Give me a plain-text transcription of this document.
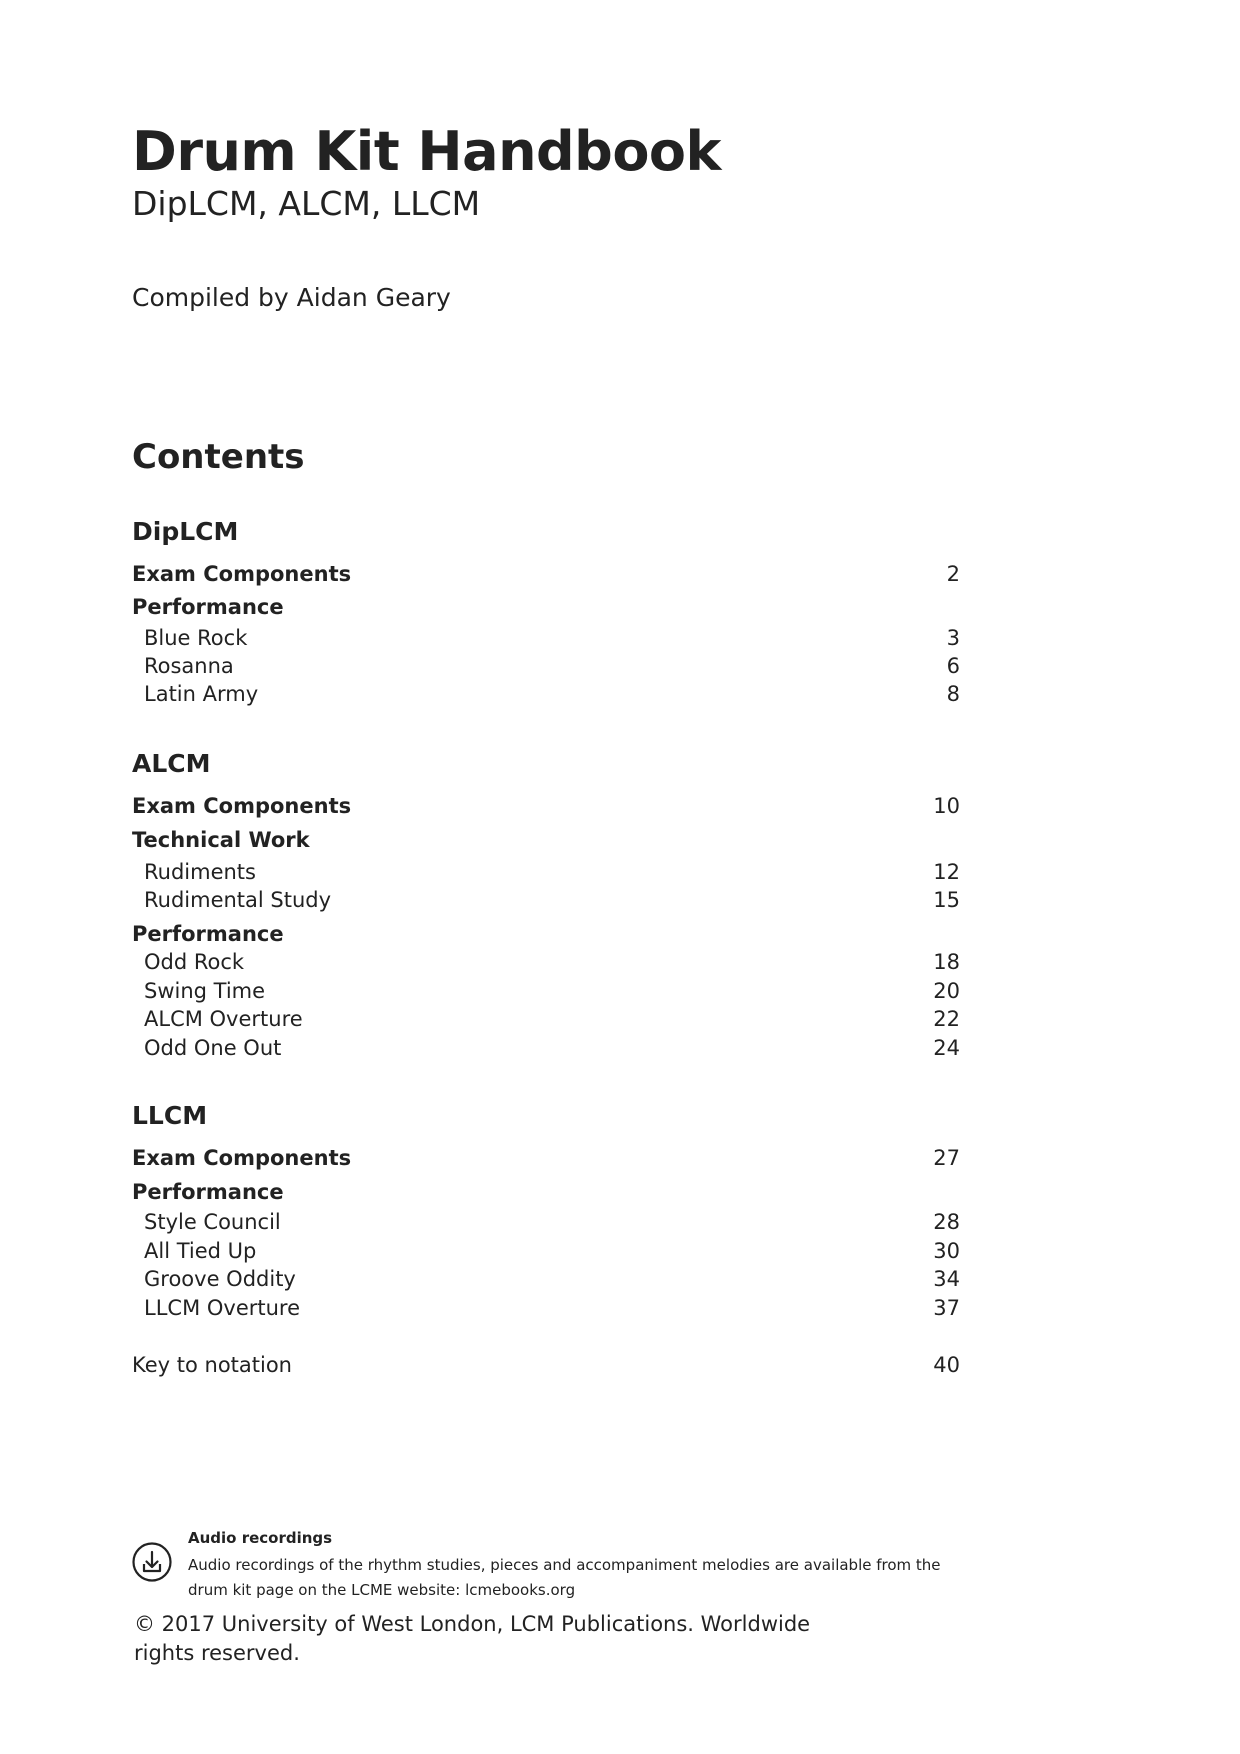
Drum Kit Handbook
DipLCM, ALCM, LLCM
Compiled by Aidan Geary
Contents
DipLCM
Exam Components	2
Performance
Blue Rock	3
Rosanna	6
Latin Army	8
ALCM
Exam Components	10
Technical Work
Rudiments	12
Rudimental Study	15
Performance
Odd Rock	18
Swing Time	20
ALCM Overture	22
Odd One Out	24
LLCM
Exam Components	27
Performance
Style Council	28
All Tied Up	30
Groove Oddity	34
LLCM Overture	37
Key to notation	40
Audio recordings
Audio recordings of the rhythm studies, pieces and accompaniment melodies are available from the drum kit page on the LCME website: lcmebooks.org
© 2017 University of West London, LCM Publications. Worldwide rights reserved.
